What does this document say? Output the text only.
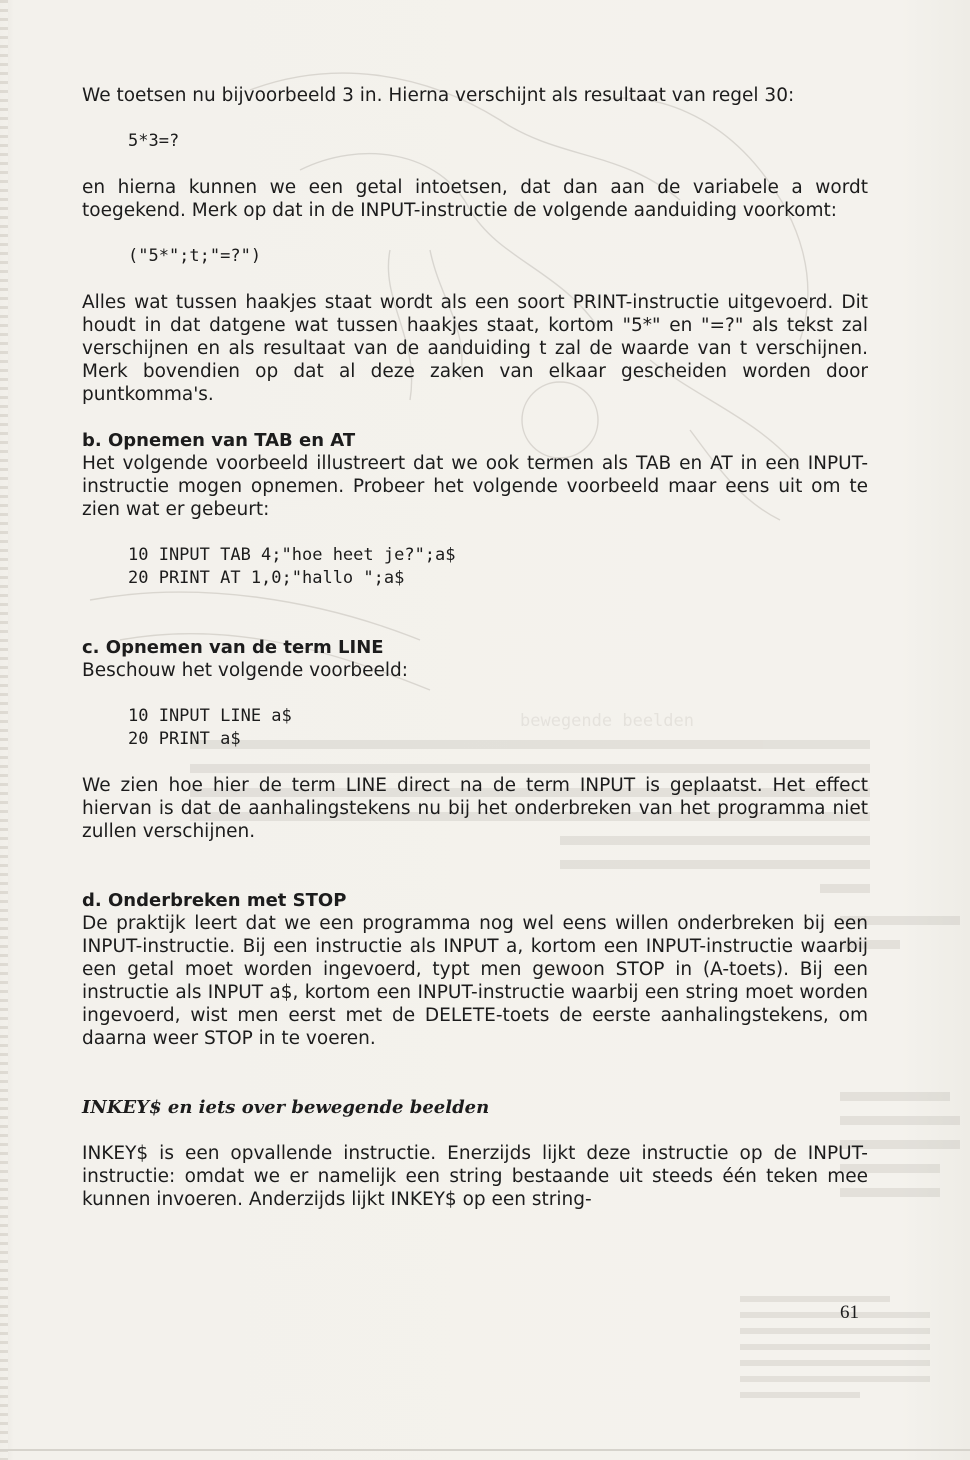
bewegende beelden

We toetsen nu bijvoorbeeld 3 in. Hierna verschijnt als resultaat van regel 30:

5*3=?

en hierna kunnen we een getal intoetsen, dat dan aan de variabele a wordt toegekend. Merk op dat in de INPUT-instructie de volgende aanduiding voorkomt:

("5*";t;"=?")

Alles wat tussen haakjes staat wordt als een soort PRINT-instructie uitgevoerd. Dit houdt in dat datgene wat tussen haakjes staat, kortom "5*" en "=?" als tekst zal verschijnen en als resultaat van de aanduiding t zal de waarde van t verschijnen. Merk bovendien op dat al deze zaken van elkaar gescheiden worden door puntkomma's.

b. Opnemen van TAB en AT

Het volgende voorbeeld illustreert dat we ook termen als TAB en AT in een INPUT-instructie mogen opnemen. Probeer het volgende voorbeeld maar eens uit om te zien wat er gebeurt:

10 INPUT TAB 4;"hoe heet je?";a$
20 PRINT AT 1,0;"hallo ";a$
c. Opnemen van de term LINE

Beschouw het volgende voorbeeld:

10 INPUT LINE a$
20 PRINT a$

We zien hoe hier de term LINE direct na de term INPUT is geplaatst. Het effect hiervan is dat de aanhalingstekens nu bij het onderbreken van het programma niet zullen verschijnen.

d. Onderbreken met STOP

De praktijk leert dat we een programma nog wel eens willen onderbreken bij een INPUT-instructie. Bij een instructie als INPUT a, kortom een INPUT-instructie waarbij een getal moet worden ingevoerd, typt men gewoon STOP in (A-toets). Bij een instructie als INPUT a$, kortom een INPUT-instructie waarbij een string moet worden ingevoerd, wist men eerst met de DELETE-toets de eerste aanhalingstekens, om daarna weer STOP in te voeren.

INKEY$ en iets over bewegende beelden

INKEY$ is een opvallende instructie. Enerzijds lijkt deze instructie op de INPUT-instructie: omdat we er namelijk een string bestaande uit steeds één teken mee kunnen invoeren. Anderzijds lijkt INKEY$ op een string-

61
